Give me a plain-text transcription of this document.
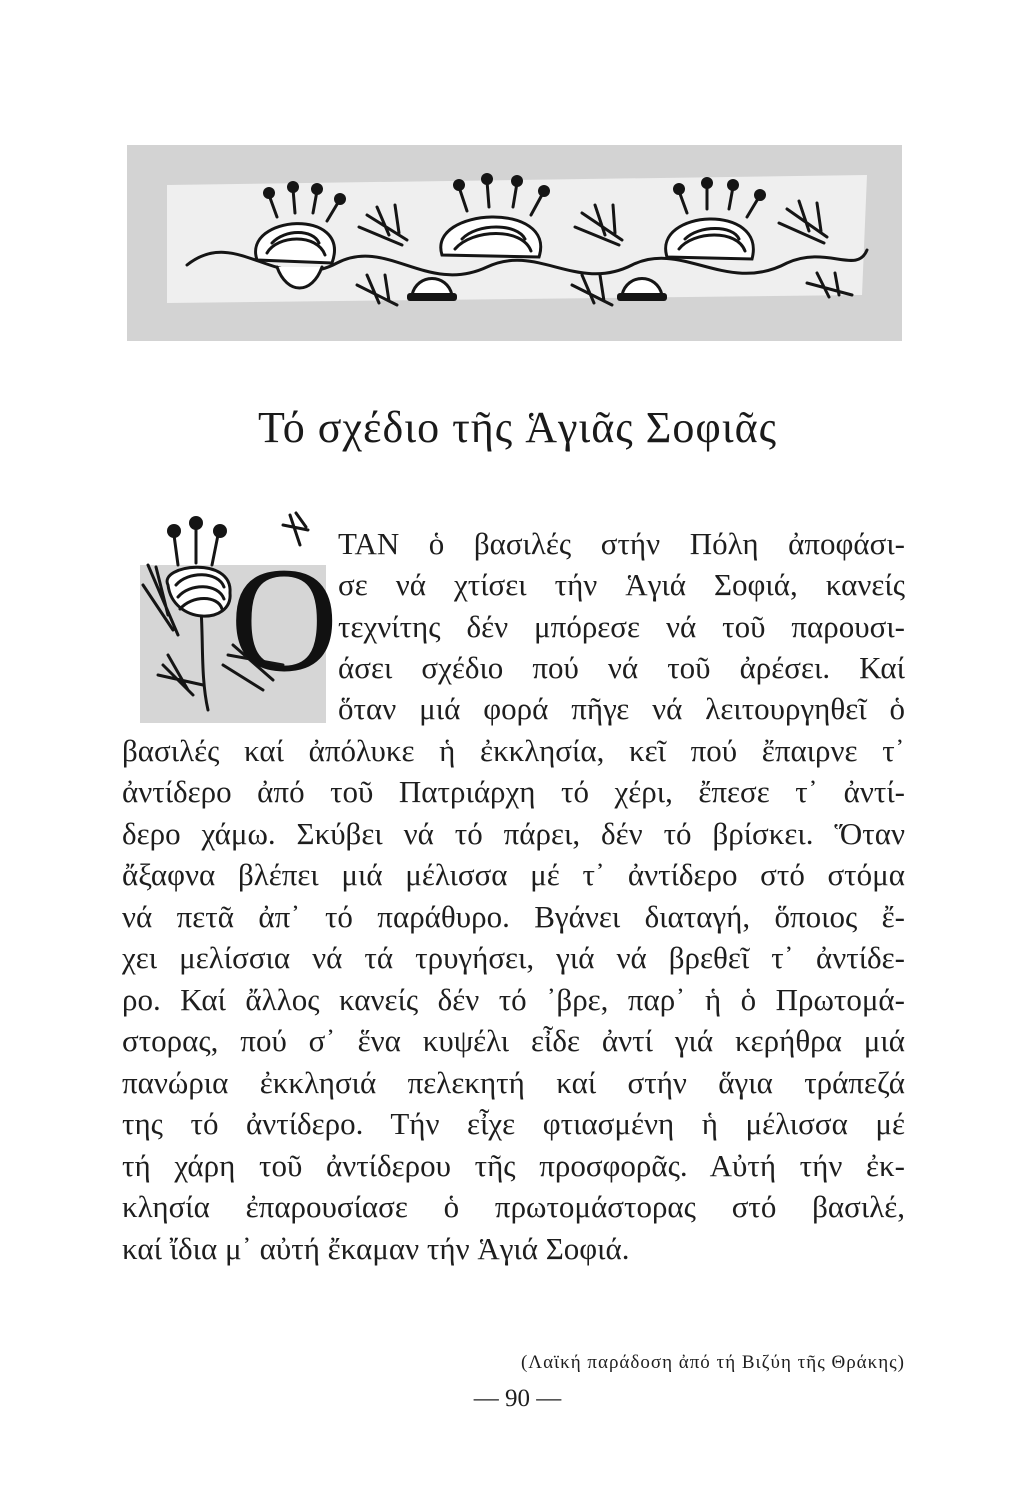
Τό σχέδιο τῆς Ἁγιᾶς Σοφιᾶς
Ο ΤΑΝ ὁ βασιλές στήν Πόλη ἀποφάσι-
σε νά χτίσει τήν Ἁγιά Σοφιά, κανείς
τεχνίτης δέν μπόρεσε νά τοῦ παρουσι-
άσει σχέδιο πού νά τοῦ ἀρέσει. Καί
ὅταν μιά φορά πῆγε νά λειτουργηθεῖ ὁ
βασιλές καί ἀπόλυκε ἡ ἐκκλησία, κεῖ πού ἔπαιρνε τ᾽
ἀντίδερο ἀπό τοῦ Πατριάρχη τό χέρι, ἔπεσε τ᾽ ἀντί-
δερο χάμω. Σκύβει νά τό πάρει, δέν τό βρίσκει. Ὅταν
ἄξαφνα βλέπει μιά μέλισσα μέ τ᾽ ἀντίδερο στό στόμα
νά πετᾶ ἀπ᾽ τό παράθυρο. Βγάνει διαταγή, ὅποιος ἔ-
χει μελίσσια νά τά τρυγήσει, γιά νά βρεθεῖ τ᾽ ἀντίδε-
ρο. Καί ἄλλος κανείς δέν τό ᾽βρε, παρ᾽ ἡ ὁ Πρωτομά-
στορας, πού σ᾽ ἕνα κυψέλι εἶδε ἀντί γιά κερήθρα μιά
πανώρια ἐκκλησιά πελεκητή καί στήν ἅγια τράπεζά
της τό ἀντίδερο. Τήν εἶχε φτιασμένη ἡ μέλισσα μέ
τή χάρη τοῦ ἀντίδερου τῆς προσφορᾶς. Αὐτή τήν ἐκ-
κλησία ἐπαρουσίασε ὁ πρωτομάστορας στό βασιλέ,
καί ἴδια μ᾽ αὐτή ἔκαμαν τήν Ἁγιά Σοφιά.
(Λαϊκή παράδοση ἀπό τή Βιζύη τῆς Θράκης)
— 90 —
